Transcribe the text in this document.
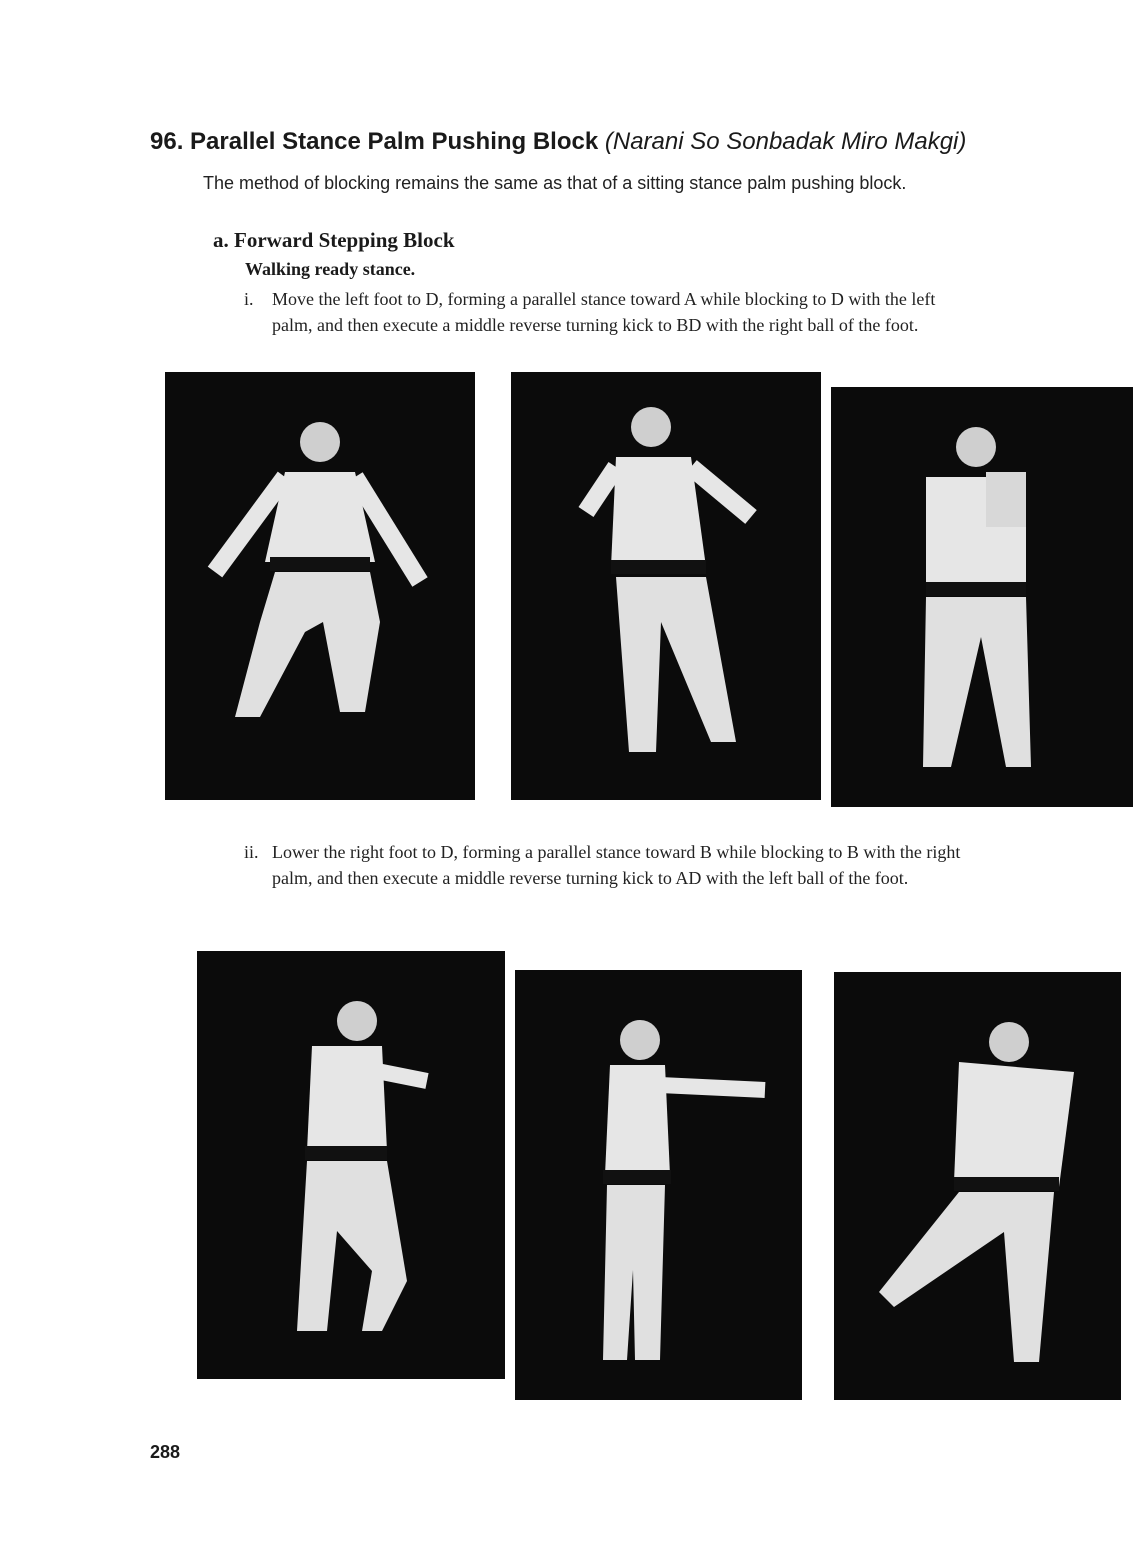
96. Parallel Stance Palm Pushing Block (Narani So Sonbadak Miro Makgi)
The method of blocking remains the same as that of a sitting stance palm pushing block.
a. Forward Stepping Block
Walking ready stance.
i. Move the left foot to D, forming a parallel stance toward A while blocking to D with the left palm, and then execute a middle reverse turning kick to BD with the right ball of the foot.
ii. Lower the right foot to D, forming a parallel stance toward B while blocking to B with the right palm, and then execute a middle reverse turning kick to AD with the left ball of the foot.
288
